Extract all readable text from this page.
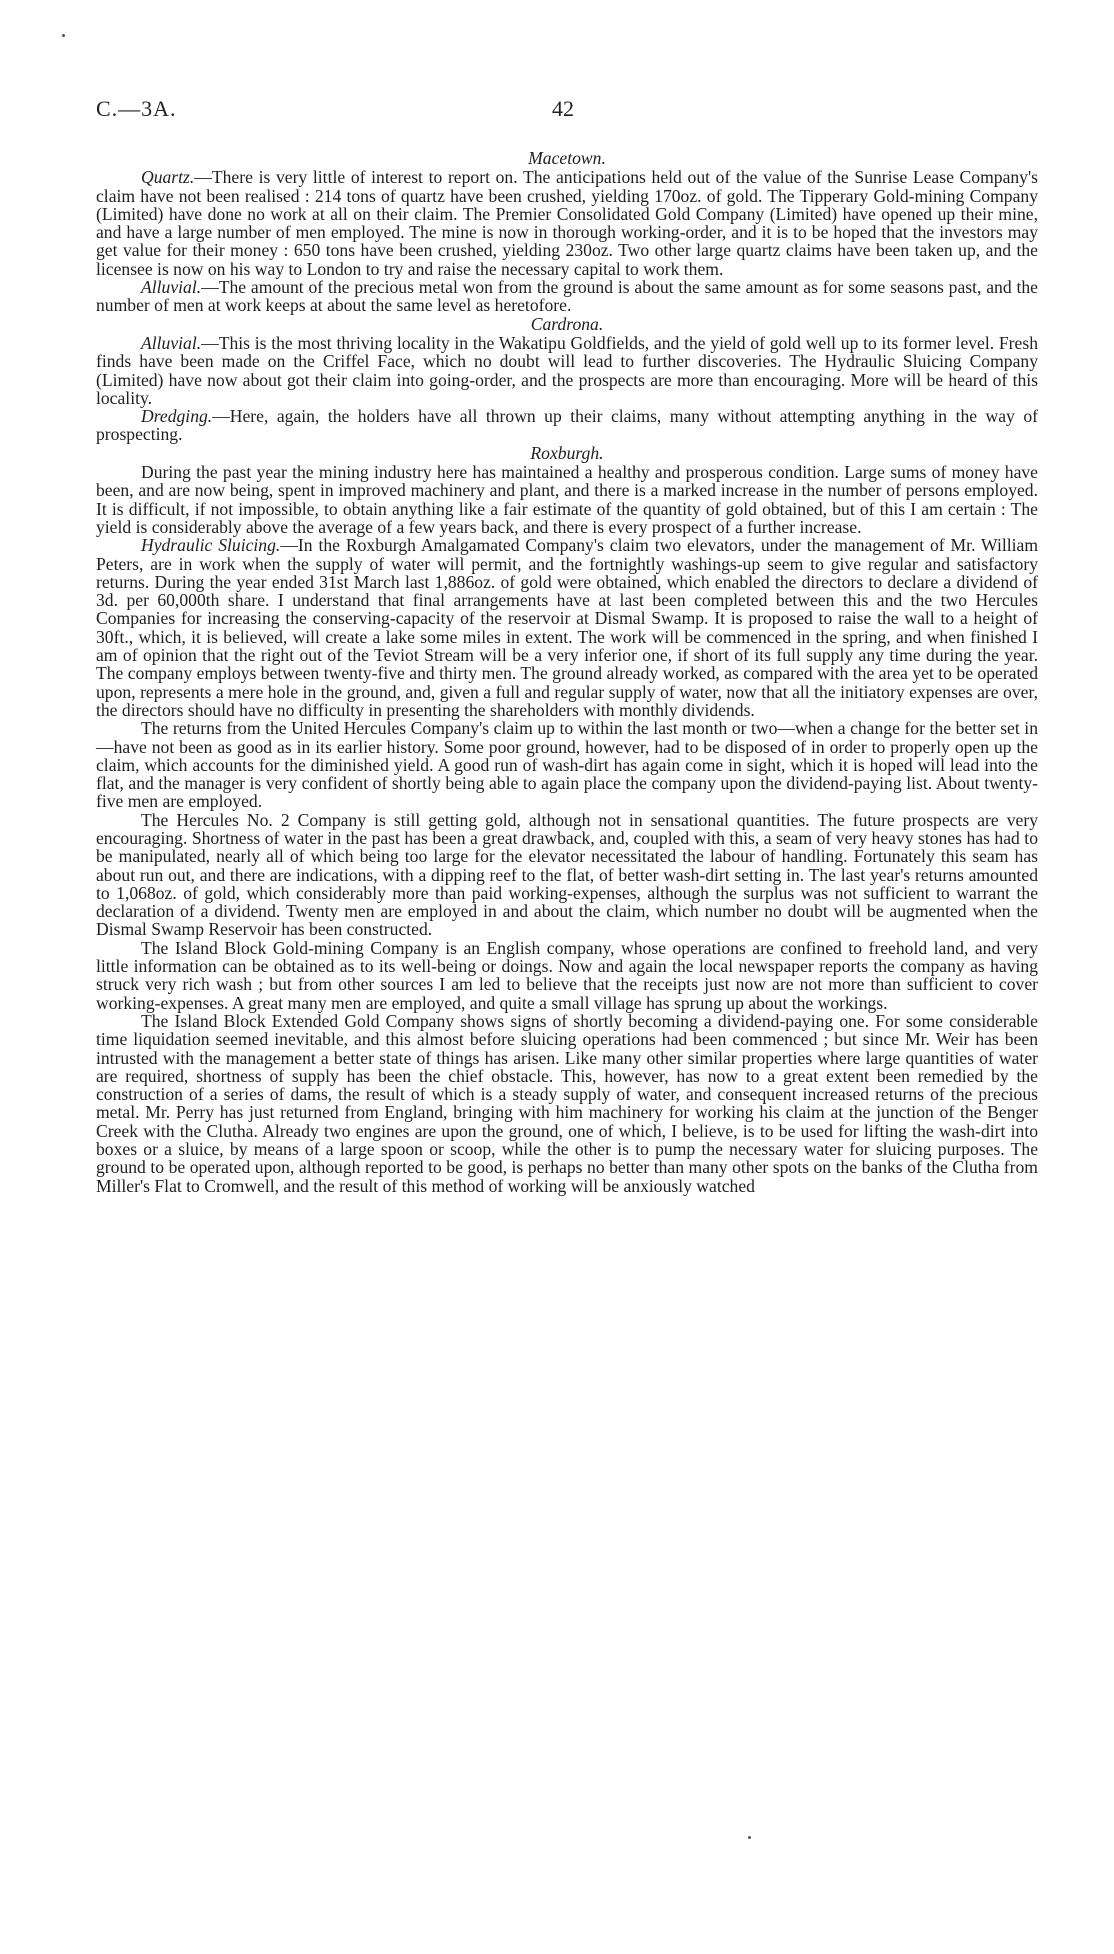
C.—3A.	42
Macetown.

Quartz.—There is very little of interest to report on. The anticipations held out of the value of the Sunrise Lease Company's claim have not been realised : 214 tons of quartz have been crushed, yielding 170oz. of gold. The Tipperary Gold-mining Company (Limited) have done no work at all on their claim. The Premier Consolidated Gold Company (Limited) have opened up their mine, and have a large number of men employed. The mine is now in thorough working-order, and it is to be hoped that the investors may get value for their money : 650 tons have been crushed, yielding 230oz. Two other large quartz claims have been taken up, and the licensee is now on his way to London to try and raise the necessary capital to work them.

Alluvial.—The amount of the precious metal won from the ground is about the same amount as for some seasons past, and the number of men at work keeps at about the same level as heretofore.

Cardrona.

Alluvial.—This is the most thriving locality in the Wakatipu Goldfields, and the yield of gold well up to its former level. Fresh finds have been made on the Criffel Face, which no doubt will lead to further discoveries. The Hydraulic Sluicing Company (Limited) have now about got their claim into going-order, and the prospects are more than encouraging. More will be heard of this locality.

Dredging.—Here, again, the holders have all thrown up their claims, many without attempting anything in the way of prospecting.

Roxburgh.

During the past year the mining industry here has maintained a healthy and prosperous condition. Large sums of money have been, and are now being, spent in improved machinery and plant, and there is a marked increase in the number of persons employed. It is difficult, if not impossible, to obtain anything like a fair estimate of the quantity of gold obtained, but of this I am certain : The yield is considerably above the average of a few years back, and there is every prospect of a further increase.

Hydraulic Sluicing.—In the Roxburgh Amalgamated Company's claim two elevators, under the management of Mr. William Peters, are in work when the supply of water will permit, and the fortnightly washings-up seem to give regular and satisfactory returns. During the year ended 31st March last 1,886oz. of gold were obtained, which enabled the directors to declare a dividend of 3d. per 60,000th share. I understand that final arrangements have at last been completed between this and the two Hercules Companies for increasing the conserving-capacity of the reservoir at Dismal Swamp. It is proposed to raise the wall to a height of 30ft., which, it is believed, will create a lake some miles in extent. The work will be commenced in the spring, and when finished I am of opinion that the right out of the Teviot Stream will be a very inferior one, if short of its full supply any time during the year. The company employs between twenty-five and thirty men. The ground already worked, as compared with the area yet to be operated upon, represents a mere hole in the ground, and, given a full and regular supply of water, now that all the initiatory expenses are over, the directors should have no difficulty in presenting the shareholders with monthly dividends.

The returns from the United Hercules Company's claim up to within the last month or two—when a change for the better set in—have not been as good as in its earlier history. Some poor ground, however, had to be disposed of in order to properly open up the claim, which accounts for the diminished yield. A good run of wash-dirt has again come in sight, which it is hoped will lead into the flat, and the manager is very confident of shortly being able to again place the company upon the dividend-paying list. About twenty-five men are employed.

The Hercules No. 2 Company is still getting gold, although not in sensational quantities. The future prospects are very encouraging. Shortness of water in the past has been a great drawback, and, coupled with this, a seam of very heavy stones has had to be manipulated, nearly all of which being too large for the elevator necessitated the labour of handling. Fortunately this seam has about run out, and there are indications, with a dipping reef to the flat, of better wash-dirt setting in. The last year's returns amounted to 1,068oz. of gold, which considerably more than paid working-expenses, although the surplus was not sufficient to warrant the declaration of a dividend. Twenty men are employed in and about the claim, which number no doubt will be augmented when the Dismal Swamp Reservoir has been constructed.

The Island Block Gold-mining Company is an English company, whose operations are confined to freehold land, and very little information can be obtained as to its well-being or doings. Now and again the local newspaper reports the company as having struck very rich wash ; but from other sources I am led to believe that the receipts just now are not more than sufficient to cover working-expenses. A great many men are employed, and quite a small village has sprung up about the workings.

The Island Block Extended Gold Company shows signs of shortly becoming a dividend-paying one. For some considerable time liquidation seemed inevitable, and this almost before sluicing operations had been commenced ; but since Mr. Weir has been intrusted with the management a better state of things has arisen. Like many other similar properties where large quantities of water are required, shortness of supply has been the chief obstacle. This, however, has now to a great extent been remedied by the construction of a series of dams, the result of which is a steady supply of water, and consequent increased returns of the precious metal. Mr. Perry has just returned from England, bringing with him machinery for working his claim at the junction of the Benger Creek with the Clutha. Already two engines are upon the ground, one of which, I believe, is to be used for lifting the wash-dirt into boxes or a sluice, by means of a large spoon or scoop, while the other is to pump the necessary water for sluicing purposes. The ground to be operated upon, although reported to be good, is perhaps no better than many other spots on the banks of the Clutha from Miller's Flat to Cromwell, and the result of this method of working will be anxiously watched
